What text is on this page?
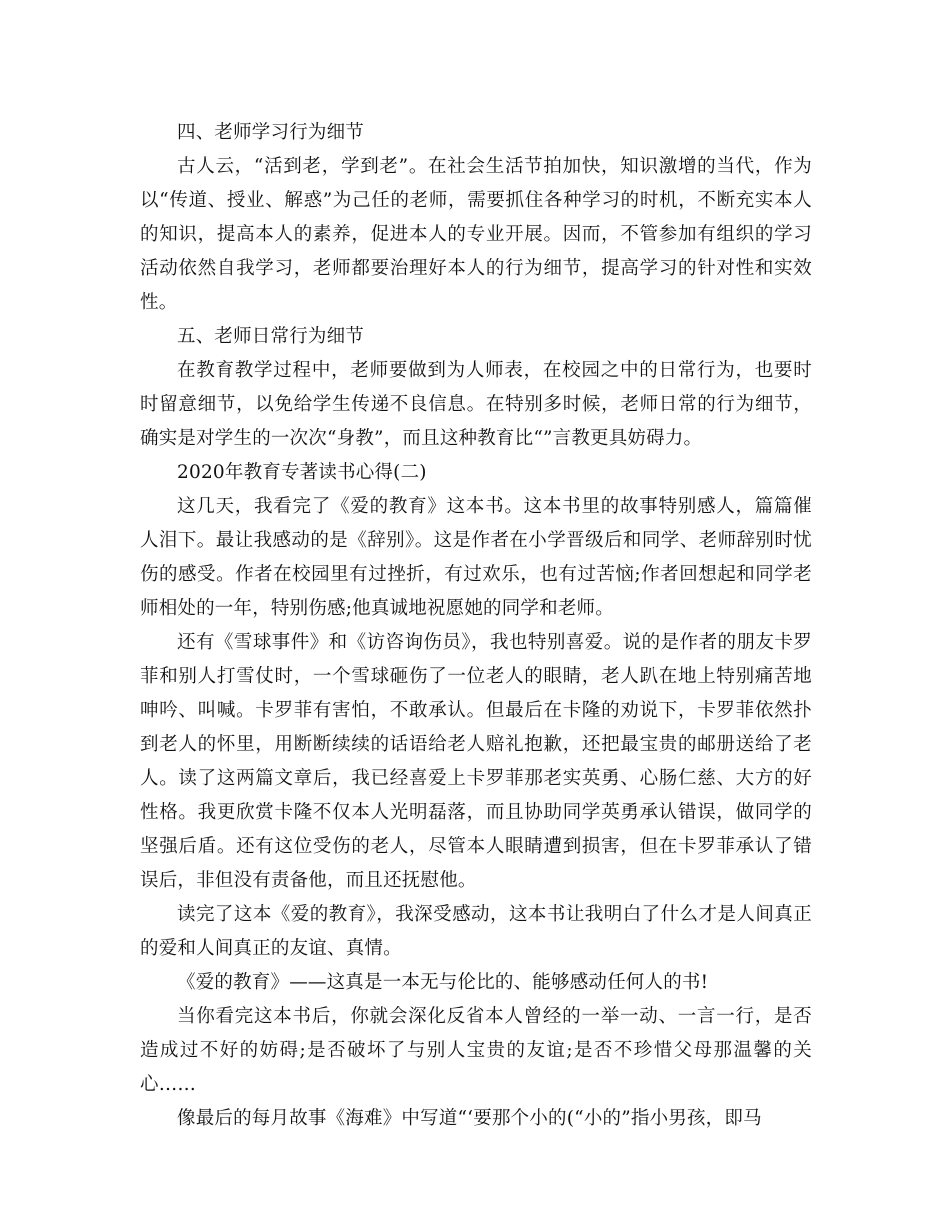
四、老师学习行为细节

古人云，“活到老，学到老”。在社会生活节拍加快，知识激增的当代，作为以“传道、授业、解惑”为己任的老师，需要抓住各种学习的时机，不断充实本人的知识，提高本人的素养，促进本人的专业开展。因而，不管参加有组织的学习活动依然自我学习，老师都要治理好本人的行为细节，提高学习的针对性和实效性。

五、老师日常行为细节

在教育教学过程中，老师要做到为人师表，在校园之中的日常行为，也要时时留意细节，以免给学生传递不良信息。在特别多时候，老师日常的行为细节，确实是对学生的一次次“身教”，而且这种教育比“”言教更具妨碍力。

2020年教育专著读书心得(二)

这几天，我看完了《爱的教育》这本书。这本书里的故事特别感人，篇篇催人泪下。最让我感动的是《辞别》。这是作者在小学晋级后和同学、老师辞别时忧伤的感受。作者在校园里有过挫折，有过欢乐，也有过苦恼;作者回想起和同学老师相处的一年，特别伤感;他真诚地祝愿她的同学和老师。

还有《雪球事件》和《访咨询伤员》，我也特别喜爱。说的是作者的朋友卡罗菲和别人打雪仗时，一个雪球砸伤了一位老人的眼睛，老人趴在地上特别痛苦地呻吟、叫喊。卡罗菲有害怕，不敢承认。但最后在卡隆的劝说下，卡罗菲依然扑到老人的怀里，用断断续续的话语给老人赔礼抱歉，还把最宝贵的邮册送给了老人。读了这两篇文章后，我已经喜爱上卡罗菲那老实英勇、心肠仁慈、大方的好性格。我更欣赏卡隆不仅本人光明磊落，而且协助同学英勇承认错误，做同学的坚强后盾。还有这位受伤的老人，尽管本人眼睛遭到损害，但在卡罗菲承认了错误后，非但没有责备他，而且还抚慰他。

读完了这本《爱的教育》，我深受感动，这本书让我明白了什么才是人间真正的爱和人间真正的友谊、真情。

《爱的教育》——这真是一本无与伦比的、能够感动任何人的书!

当你看完这本书后，你就会深化反省本人曾经的一举一动、一言一行，是否造成过不好的妨碍;是否破坏了与别人宝贵的友谊;是否不珍惜父母那温馨的关心……

像最后的每月故事《海难》中写道“‘要那个小的(“小的”指小男孩，即马
